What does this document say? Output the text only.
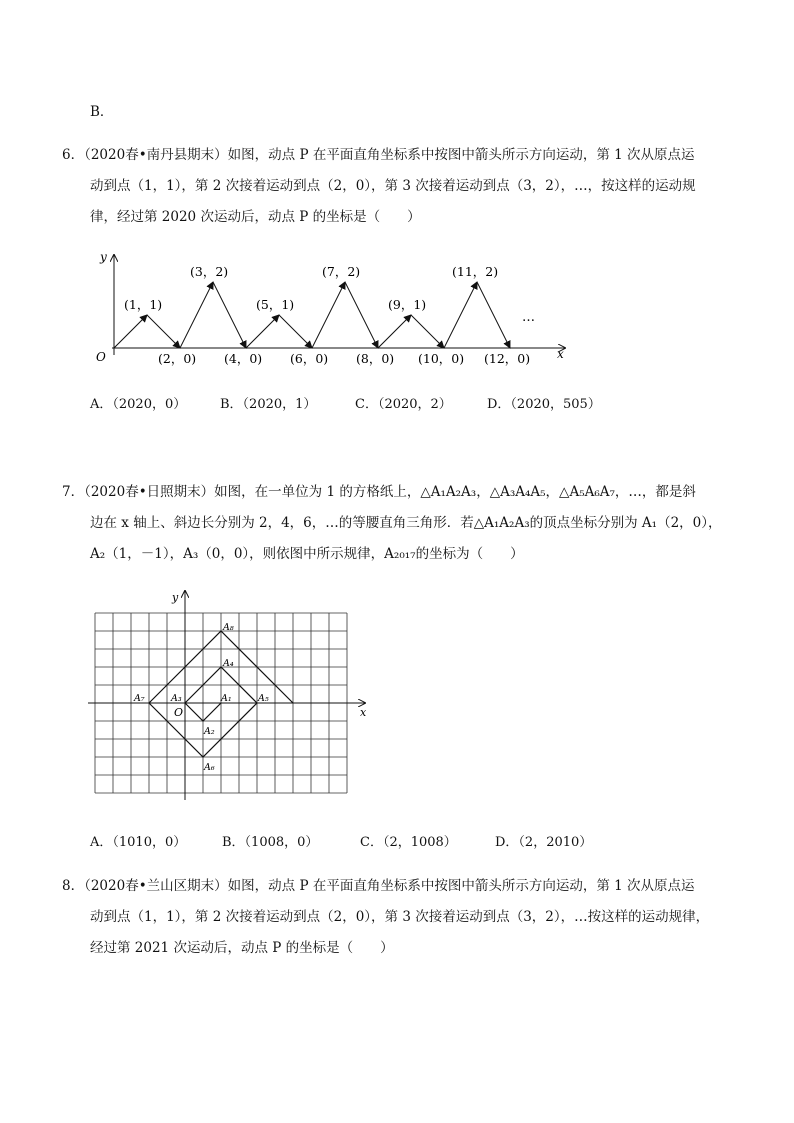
B．
6．（2020春•南丹县期末）如图，动点 P 在平面直角坐标系中按图中箭头所示方向运动，第 1 次从原点运
动到点（1，1），第 2 次接着运动到点（2，0），第 3 次接着运动到点（3，2），…，按这样的运动规
律，经过第 2020 次运动后，动点 P 的坐标是（　　）
y
x
O
(1，1)
(3，2)
(5，1)
(7，2)
(9，1)
(11，2)
(2，0) (4，0) (6，0) (8，0) (10，0) (12，0)
…
A．（2020，0）	B．（2020，1）	C．（2020，2）	D．（2020，505）
7．（2020春•日照期末）如图，在一单位为 1 的方格纸上，△A₁A₂A₃，△A₃A₄A₅，△A₅A₆A₇，…，都是斜
边在 x 轴上、斜边长分别为 2，4，6，…的等腰直角三角形．若△A₁A₂A₃的顶点坐标分别为 A₁（2，0），
A₂（1，－1），A₃（0，0），则依图中所示规律，A₂₀₁₇的坐标为（　　）
y
x
O
A₈
A₄
A₇	A₃	A₁	A₅
A₂
A₆
A．（1010，0）	B．（1008，0）	C．（2，1008）	D．（2，2010）
8．（2020春•兰山区期末）如图，动点 P 在平面直角坐标系中按图中箭头所示方向运动，第 1 次从原点运
动到点（1，1），第 2 次接着运动到点（2，0），第 3 次接着运动到点（3，2），…按这样的运动规律，
经过第 2021 次运动后，动点 P 的坐标是（　　）
